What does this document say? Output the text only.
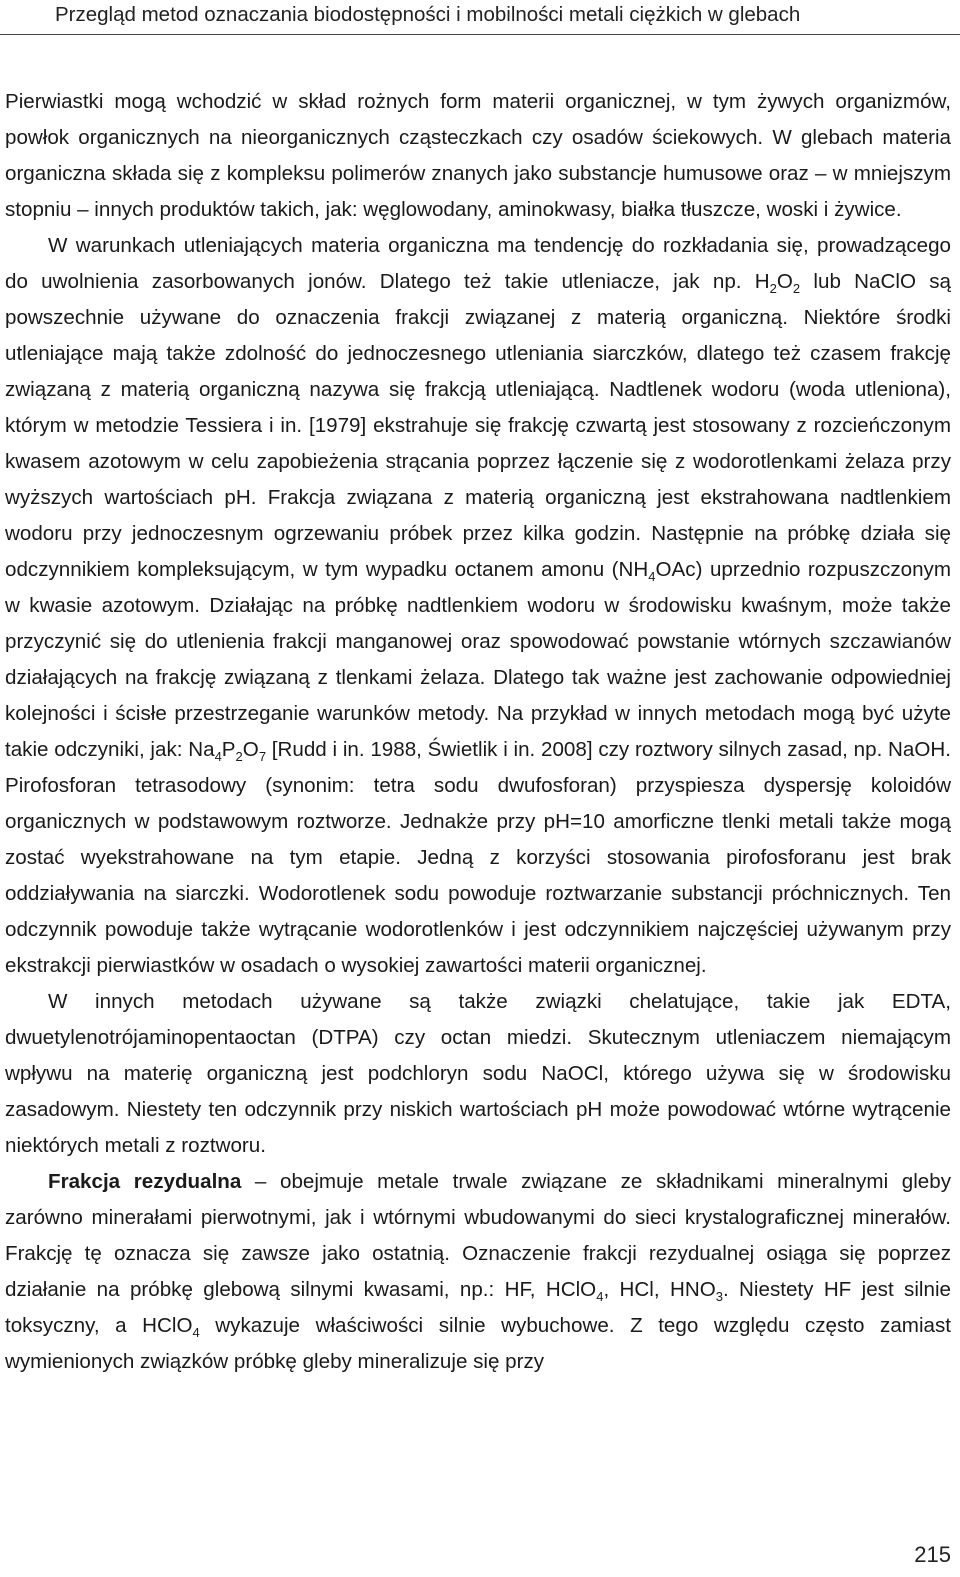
Przegląd metod oznaczania biodostępności i mobilności metali ciężkich w glebach

Pierwiastki mogą wchodzić w skład rożnych form materii organicznej, w tym żywych organizmów, powłok organicznych na nieorganicznych cząsteczkach czy osadów ściekowych. W glebach materia organiczna składa się z kompleksu polimerów znanych jako substancje humusowe oraz – w mniejszym stopniu – innych produktów takich, jak: węglowodany, aminokwasy, białka tłuszcze, woski i żywice.

W warunkach utleniających materia organiczna ma tendencję do rozkładania się, prowadzącego do uwolnienia zasorbowanych jonów. Dlatego też takie utleniacze, jak np. $H_2O_2$ lub NaClO są powszechnie używane do oznaczenia frakcji związanej z materią organiczną. Niektóre środki utleniające mają także zdolność do jednoczesnego utleniania siarczków, dlatego też czasem frakcję związaną z materią organiczną nazywa się frakcją utleniającą. Nadtlenek wodoru (woda utleniona), którym w metodzie Tessiera i in. [1979] ekstrahuje się frakcję czwartą jest stosowany z rozcieńczonym kwasem azotowym w celu zapobieżenia strącania poprzez łączenie się z wodorotlenkami żelaza przy wyższych wartościach pH. Frakcja związana z materią organiczną jest ekstrahowana nadtlenkiem wodoru przy jednoczesnym ogrzewaniu próbek przez kilka godzin. Następnie na próbkę działa się odczynnikiem kompleksującym, w tym wypadku octanem amonu $(NH_4OAc)$ uprzednio rozpuszczonym w kwasie azotowym. Działając na próbkę nadtlenkiem wodoru w środowisku kwaśnym, może także przyczynić się do utlenienia frakcji manganowej oraz spowodować powstanie wtórnych szczawianów działających na frakcję związaną z tlenkami żelaza. Dlatego tak ważne jest zachowanie odpowiedniej kolejności i ścisłe przestrzeganie warunków metody. Na przykład w innych metodach mogą być użyte takie odczyniki, jak: $Na_4P_2O_7$ [Rudd i in. 1988, Świetlik i in. 2008] czy roztwory silnych zasad, np. NaOH. Pirofosforan tetrasodowy (synonim: tetra sodu dwufosforan) przyspiesza dyspersję koloidów organicznych w podstawowym roztworze. Jednakże przy pH=10 amorficzne tlenki metali także mogą zostać wyekstrahowane na tym etapie. Jedną z korzyści stosowania pirofosforanu jest brak oddziaływania na siarczki. Wodorotlenek sodu powoduje roztwarzanie substancji próchnicznych. Ten odczynnik powoduje także wytrącanie wodorotlenków i jest odczynnikiem najczęściej używanym przy ekstrakcji pierwiastków w osadach o wysokiej zawartości materii organicznej.

W innych metodach używane są także związki chelatujące, takie jak EDTA, dwuetylenotrójaminopentaoctan (DTPA) czy octan miedzi. Skutecznym utleniaczem niemającym wpływu na materię organiczną jest podchloryn sodu NaOCl, którego używa się w środowisku zasadowym. Niestety ten odczynnik przy niskich wartościach pH może powodować wtórne wytrącenie niektórych metali z roztworu.

Frakcja rezydualna – obejmuje metale trwale związane ze składnikami mineralnymi gleby zarówno minerałami pierwotnymi, jak i wtórnymi wbudowanymi do sieci krystalograficznej minerałów. Frakcję tę oznacza się zawsze jako ostatnią. Oznaczenie frakcji rezydualnej osiąga się poprzez działanie na próbkę glebową silnymi kwasami, np.: HF, HClO$_4$, HCl, $HNO_3$. Niestety HF jest silnie toksyczny, a HClO$_4$ wykazuje właściwości silnie wybuchowe. Z tego względu często zamiast wymienionych związków próbkę gleby mineralizuje się przy

215
